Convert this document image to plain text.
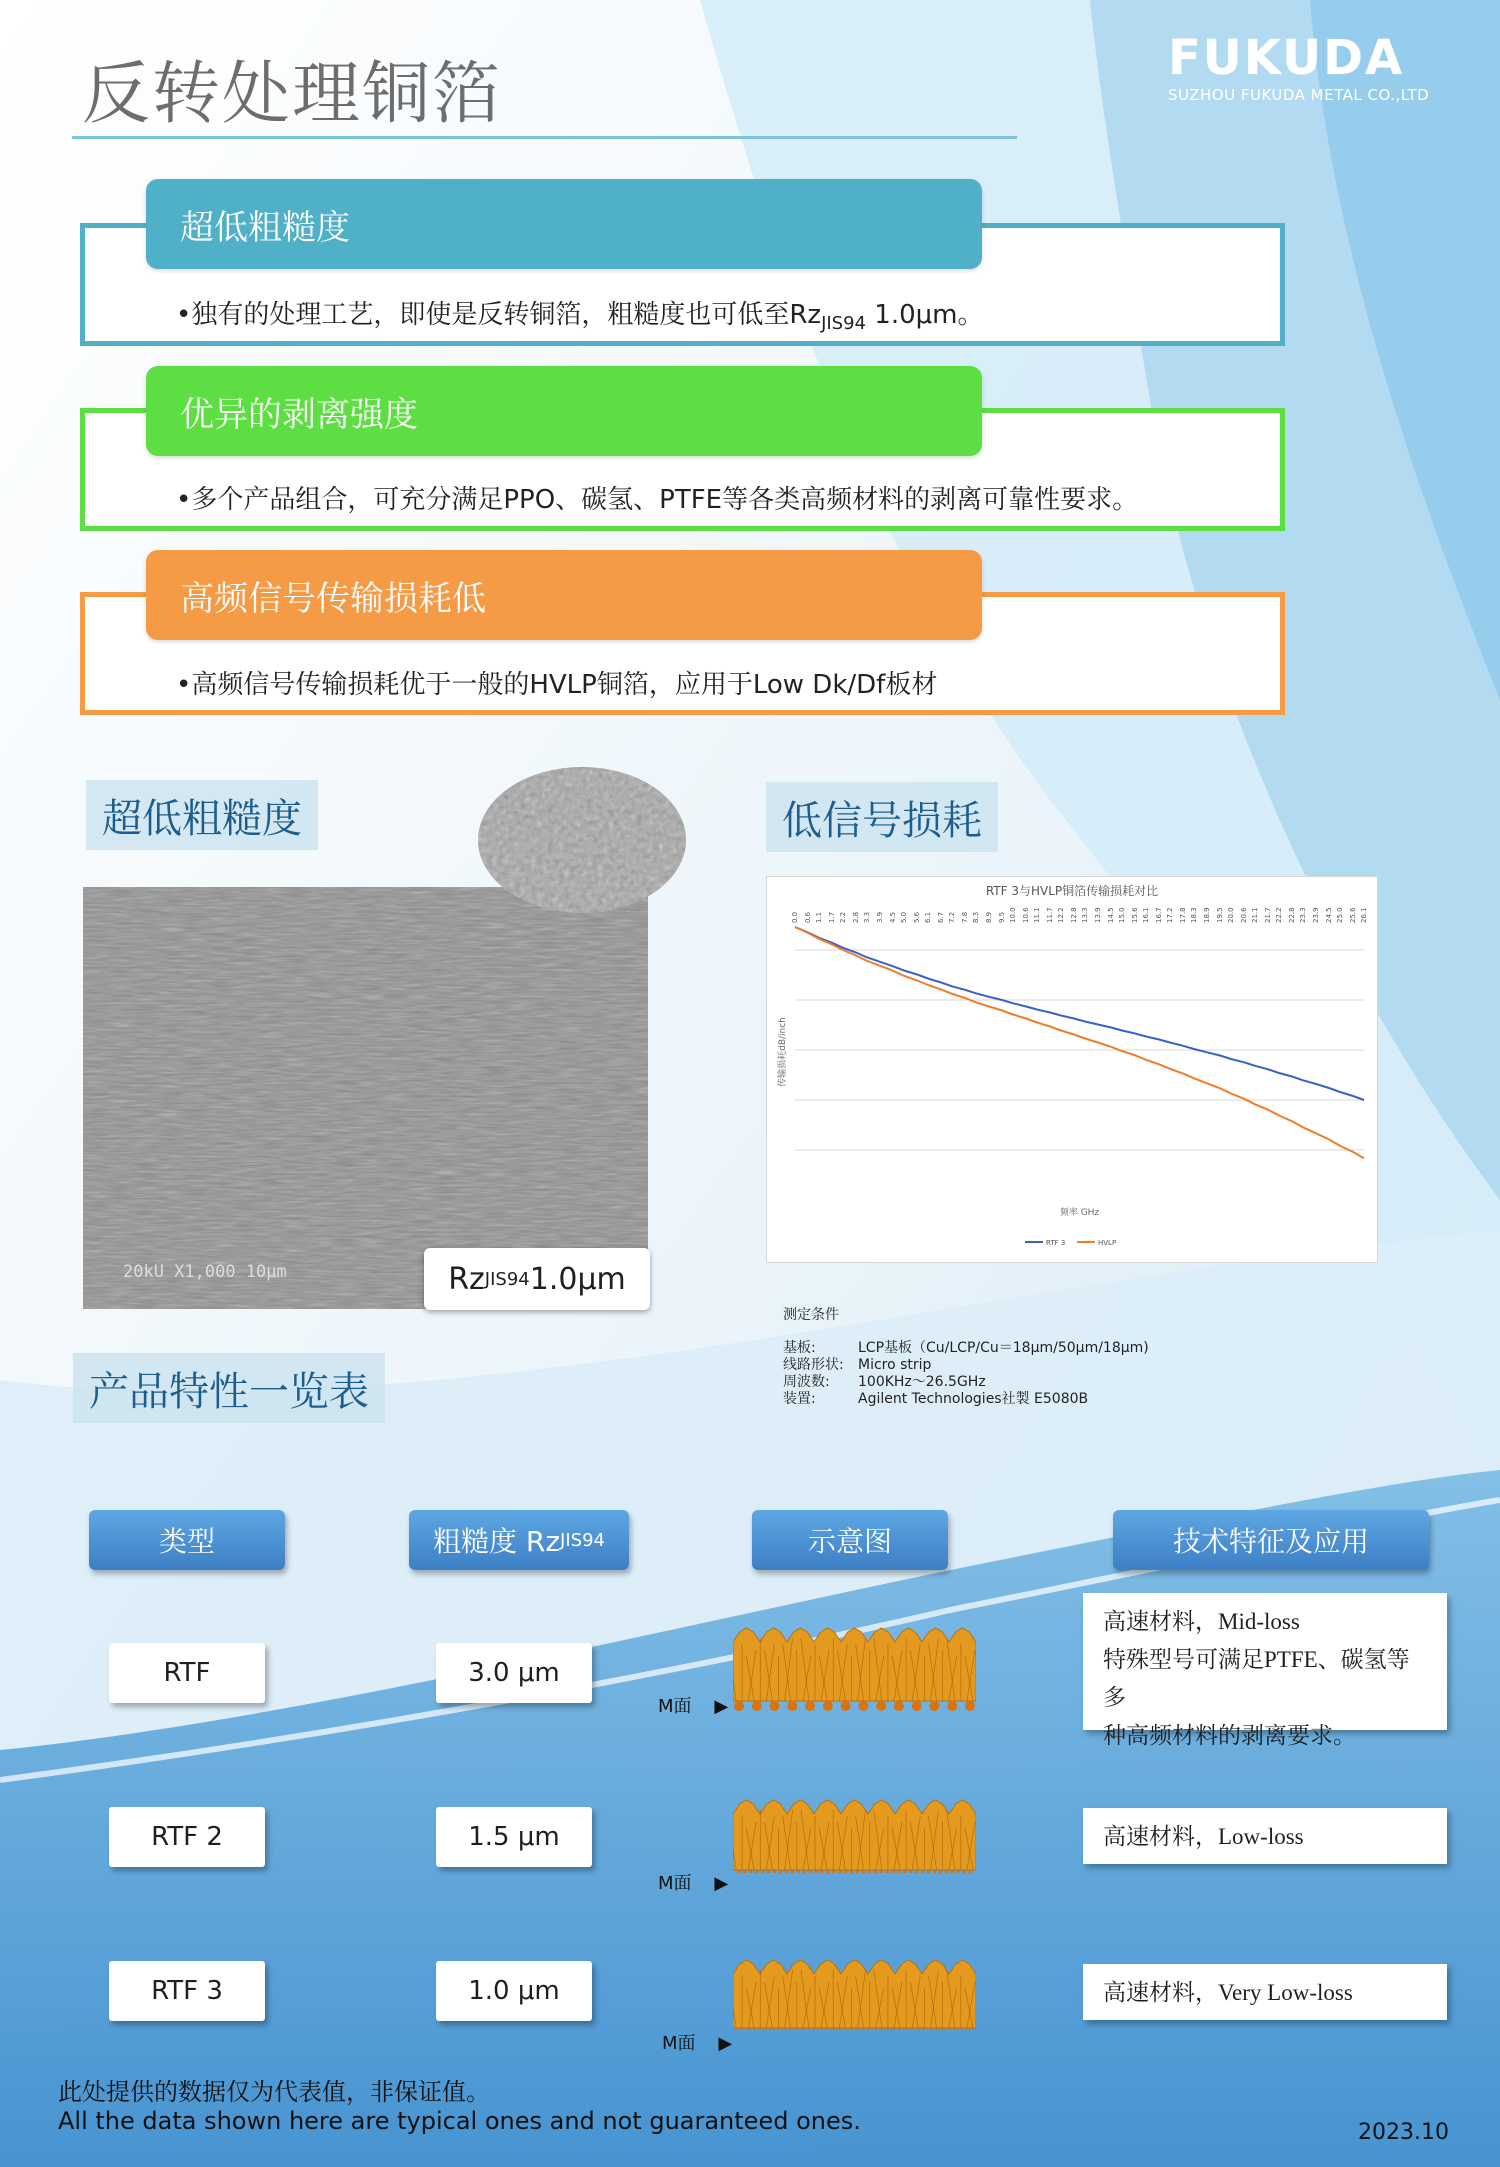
反转处理铜箔	FUKUDA
SUZHOU FUKUDA METAL CO.,LTD
超低粗糙度
•独有的处理工艺，即使是反转铜箔，粗糙度也可低至$Rz_{JIS94}$ 1.0μm。
优异的剥离强度
•多个产品组合，可充分满足PPO、碳氢、PTFE等各类高频材料的剥离可靠性要求。
高频信号传输损耗低
•高频信号传输损耗优于一般的HVLP铜箔，应用于Low Dk/Df板材
超低粗糙度	低信号损耗
产品特性一览表
20kU X1,000 10μm	Rz JIS94 1.0μm
RTF 3与HVLP铜箔传输损耗对比
0.0 0.6 1.1 1.7 2.2 2.8 3.3 3.9 4.5 5.0 5.6 6.1 6.7 7.2 7.8 8.3 8.9 9.5 10.0 10.6 11.1 11.7 12.2 12.8 13.3 13.9 14.5 15.0 15.6 16.1 16.7 17.2 17.8 18.3 18.9 19.5 20.0 20.6 21.1 21.7 22.2 22.8 23.3 23.9 24.5 25.0 25.6 26.1
传输损耗dB/inch
频率 GHz
RTF 3	HVLP
测定条件
基板:	LCP基板（Cu/LCP/Cu＝18μm/50μm/18μm)
线路形状: Micro strip
周波数: 100KHz～26.5GHz
装置:	Agilent Technologies社製 E5080B
类型	粗糙度 Rz JIS94	示意图	技术特征及应用
RTF	3.0 μm
M面    ▶
高速材料，Mid-loss
特殊型号可满足PTFE、碳氢等多
种高频材料的剥离要求。
RTF 2	1.5 μm
M面    ▶
高速材料，Low-loss
RTF 3	1.0 μm
M面    ▶
高速材料，Very Low-loss
此处提供的数据仅为代表值，非保证值。
All the data shown here are typical ones and not guaranteed ones.	2023.10
